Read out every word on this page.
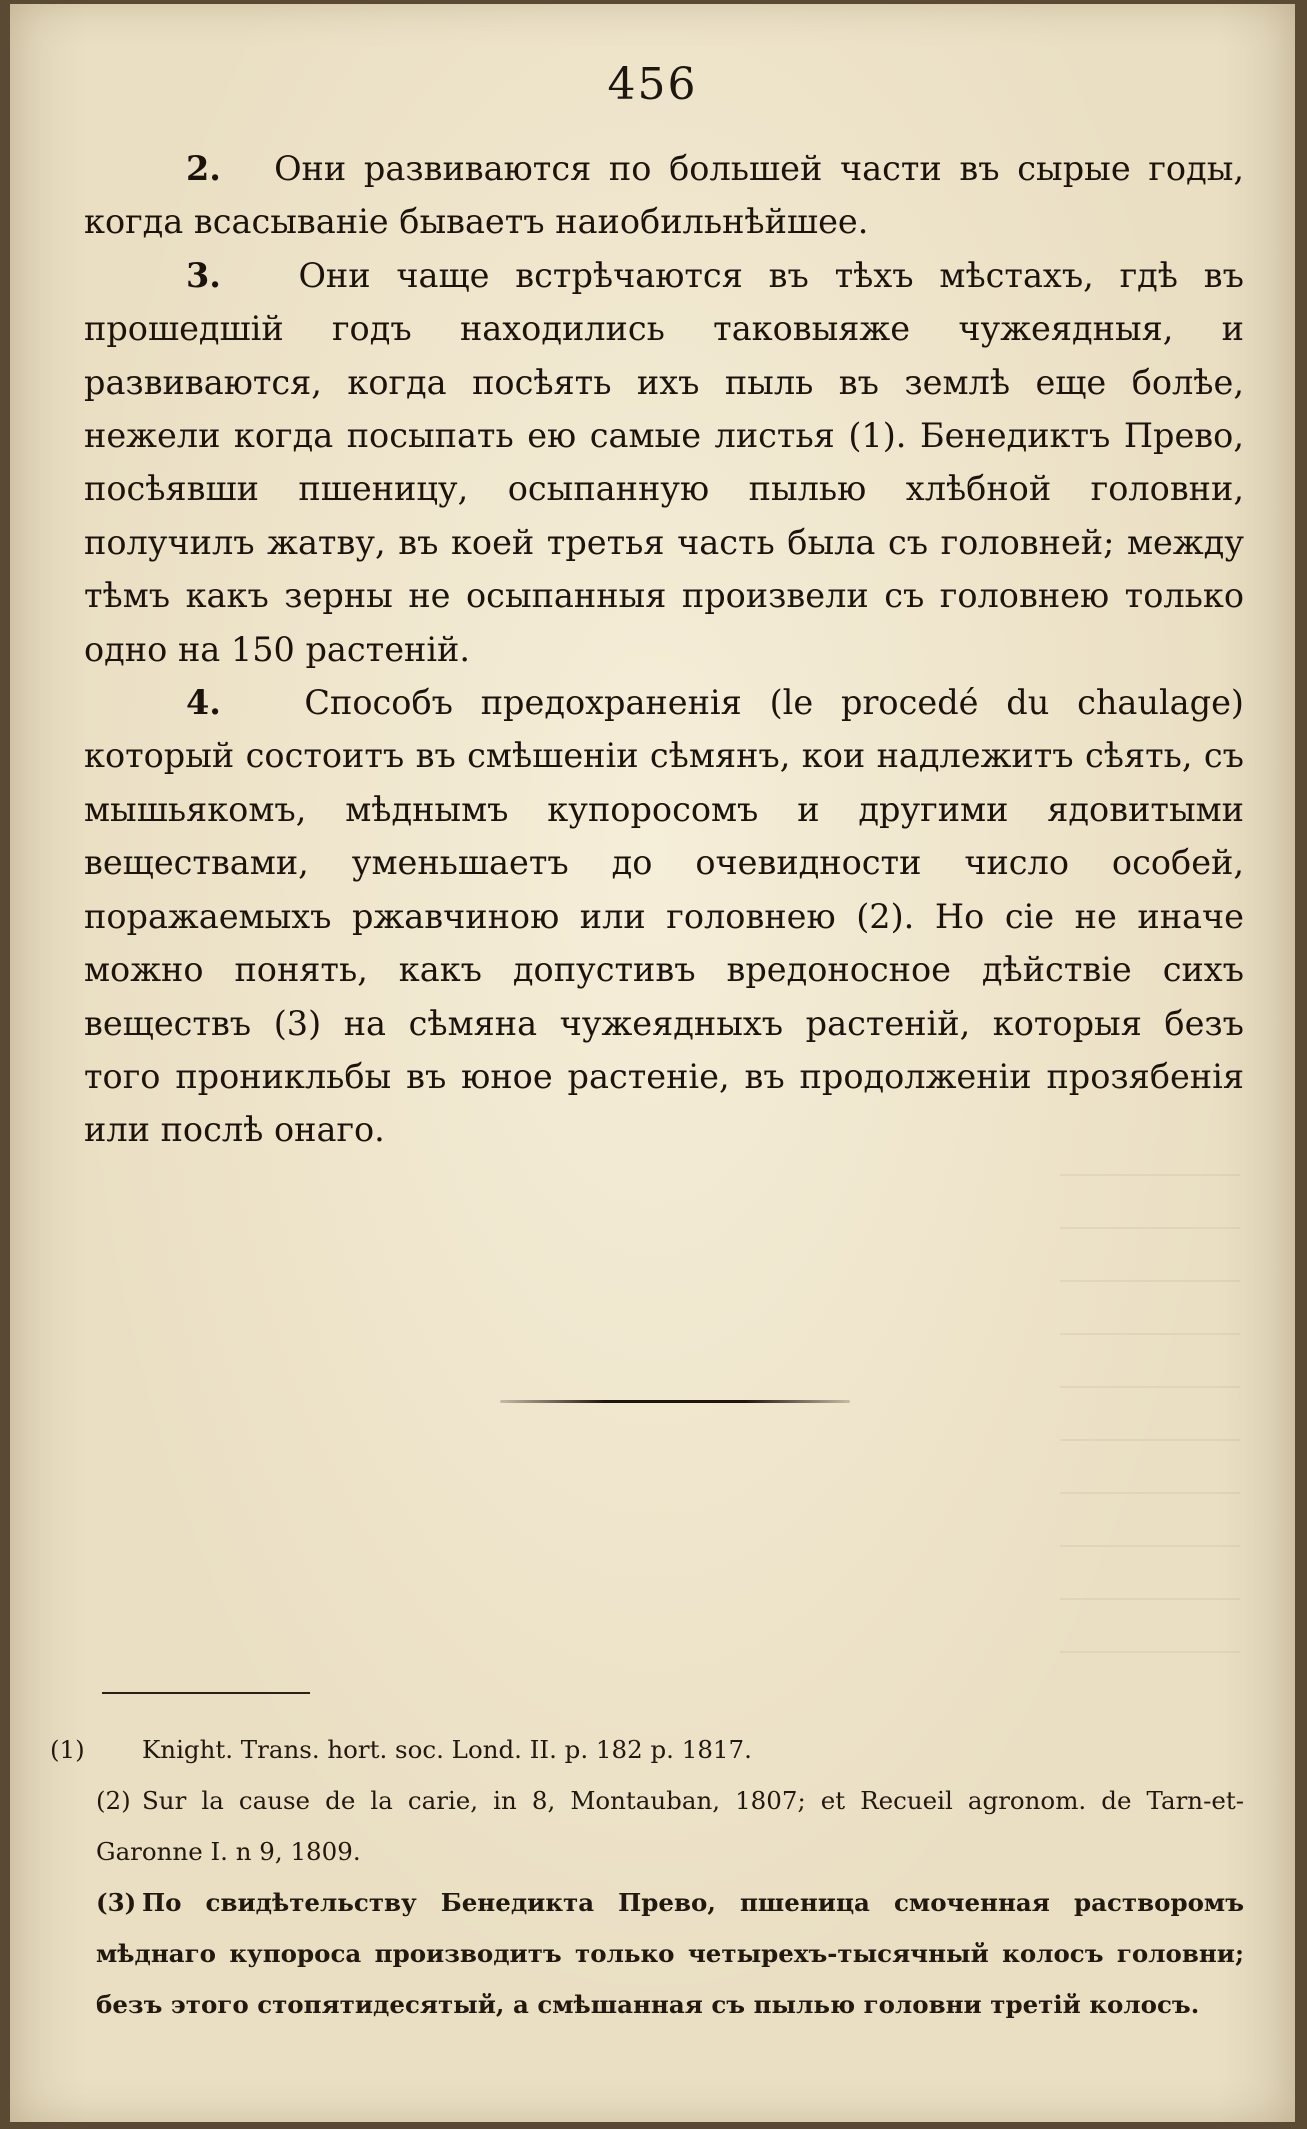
456

2. Они развиваются по большей части въ сырые годы, когда всасываніе бываетъ наиобильнѣйшее.

3. Они чаще встрѣчаются въ тѣхъ мѣстахъ, гдѣ въ прошедшій годъ находились таковыяже чужеядныя, и развиваются, когда посѣять ихъ пыль въ землѣ еще болѣе, нежели когда посыпать ею самые листья (1). Бенедиктъ Прево, посѣявши пшеницу, осыпанную пылью хлѣбной головни, получилъ жатву, въ коей третья часть была съ головней; между тѣмъ какъ зерны не осыпанныя произвели съ головнею только одно на 150 растеній.

4. Способъ предохраненія (le procedé du chaulage) который состоитъ въ смѣшеніи сѣмянъ, кои надлежитъ сѣять, съ мышьякомъ, мѣднымъ купоросомъ и другими ядовитыми веществами, уменьшаетъ до очевидности число особей, поражаемыхъ ржавчиною или головнею (2). Но сіе не иначе можно понять, какъ допустивъ вредоносное дѣйствіе сихъ веществъ (3) на сѣмяна чужеядныхъ растеній, которыя безъ того проникльбы въ юное растеніе, въ продолженіи прозябенія или послѣ онаго.

(1) Knight. Trans. hort. soc. Lond. II. p. 182 p. 1817.

(2) Sur la cause de la carie, in 8, Montauban, 1807; et Recueil agronom. de Tarn-et-Garonne I. n 9, 1809.

(3) По свидѣтельству Бенедикта Прево, пшеница смоченная растворомъ мѣднаго купороса производитъ только четырехъ-тысячный колосъ головни; безъ этого стопятидесятый, а смѣшанная съ пылью головни третій колосъ.
